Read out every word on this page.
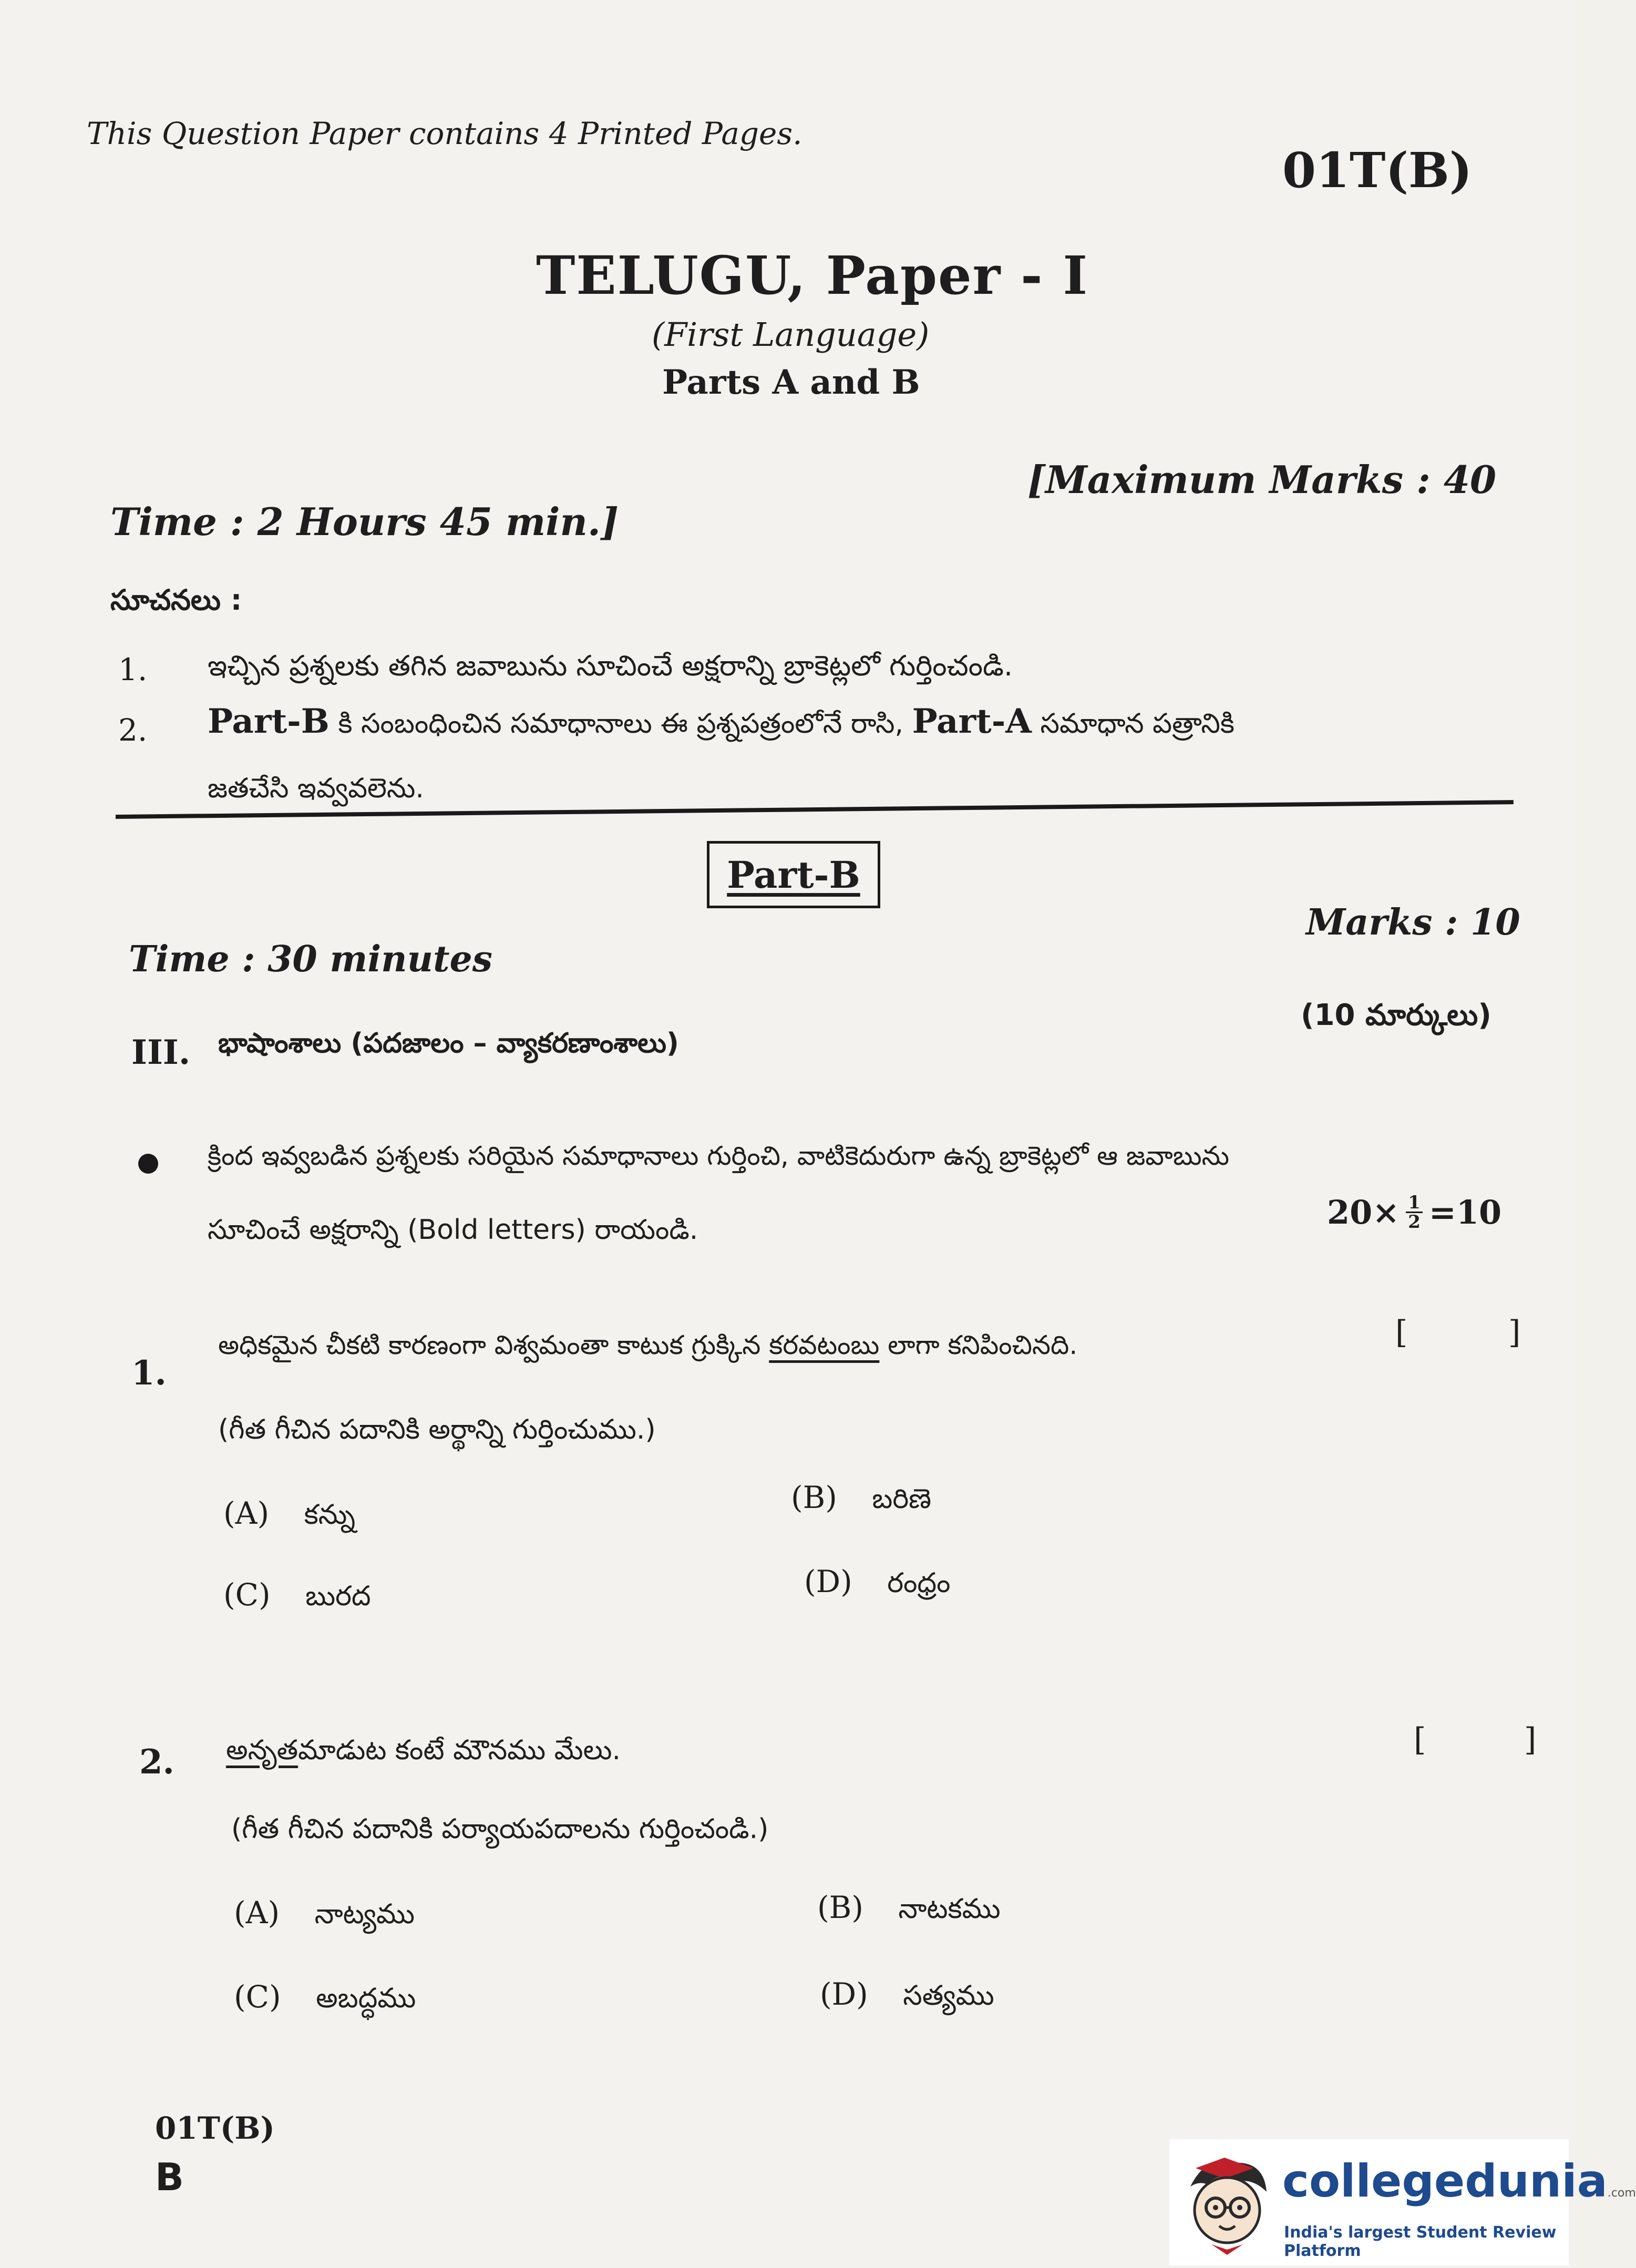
This Question Paper contains 4 Printed Pages.
01T(B)
TELUGU, Paper - I
(First Language)
Parts A and B
Time : 2 Hours 45 min.]
[Maximum Marks : 40
సూచనలు :
1. ఇచ్చిన ప్రశ్నలకు తగిన జవాబును సూచించే అక్షరాన్ని బ్రాకెట్లలో గుర్తించండి.
2. Part-B కి సంబంధించిన సమాధానాలు ఈ ప్రశ్నపత్రంలోనే రాసి, Part-A సమాధాన పత్రానికి
జతచేసి ఇవ్వవలెను.
Part-B
Time : 30 minutes
Marks : 10
III. భాషాంశాలు (పదజాలం – వ్యాకరణాంశాలు)
(10 మార్కులు)
క్రింద ఇవ్వబడిన ప్రశ్నలకు సరియైన సమాధానాలు గుర్తించి, వాటికెదురుగా ఉన్న బ్రాకెట్లలో ఆ జవాబును
సూచించే అక్షరాన్ని (Bold letters) రాయండి.	$20\times \frac{1}{2} =10$
1.
అధికమైన చీకటి కారణంగా విశ్వమంతా కాటుక గ్రుక్కిన కరవటంబు లాగా కనిపించినది.	[	]
(గీత గీచిన పదానికి అర్థాన్ని గుర్తించుము.)
(A) కన్ను	(B) బరిణె
(C) బురద	(D) రంధ్రం
2. అనృతమాడుట కంటే మౌనము మేలు.	[	]
(గీత గీచిన పదానికి పర్యాయపదాలను గుర్తించండి.)
(A) నాట్యము	(B) నాటకము
(C) అబద్ధము	(D) సత్యము
01T(B)
B	collegedunia.com
India's largest Student Review Platform
